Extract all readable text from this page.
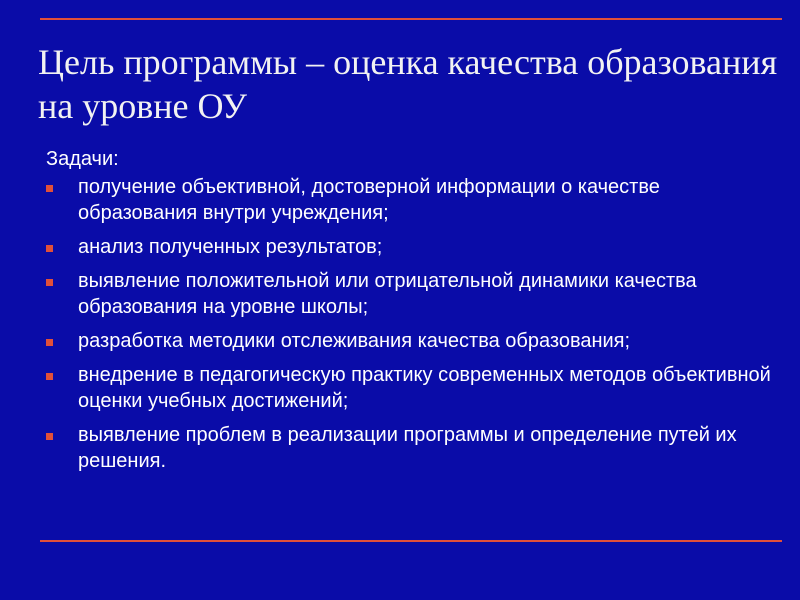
Цель программы – оценка качества образования на уровне ОУ
Задачи:
получение объективной, достоверной информации о качестве образования внутри учреждения;
анализ полученных результатов;
выявление положительной или отрицательной динамики качества образования на уровне школы;
разработка методики отслеживания качества образования;
внедрение в педагогическую практику современных методов объективной оценки учебных достижений;
выявление проблем в реализации программы и определение путей их решения.
